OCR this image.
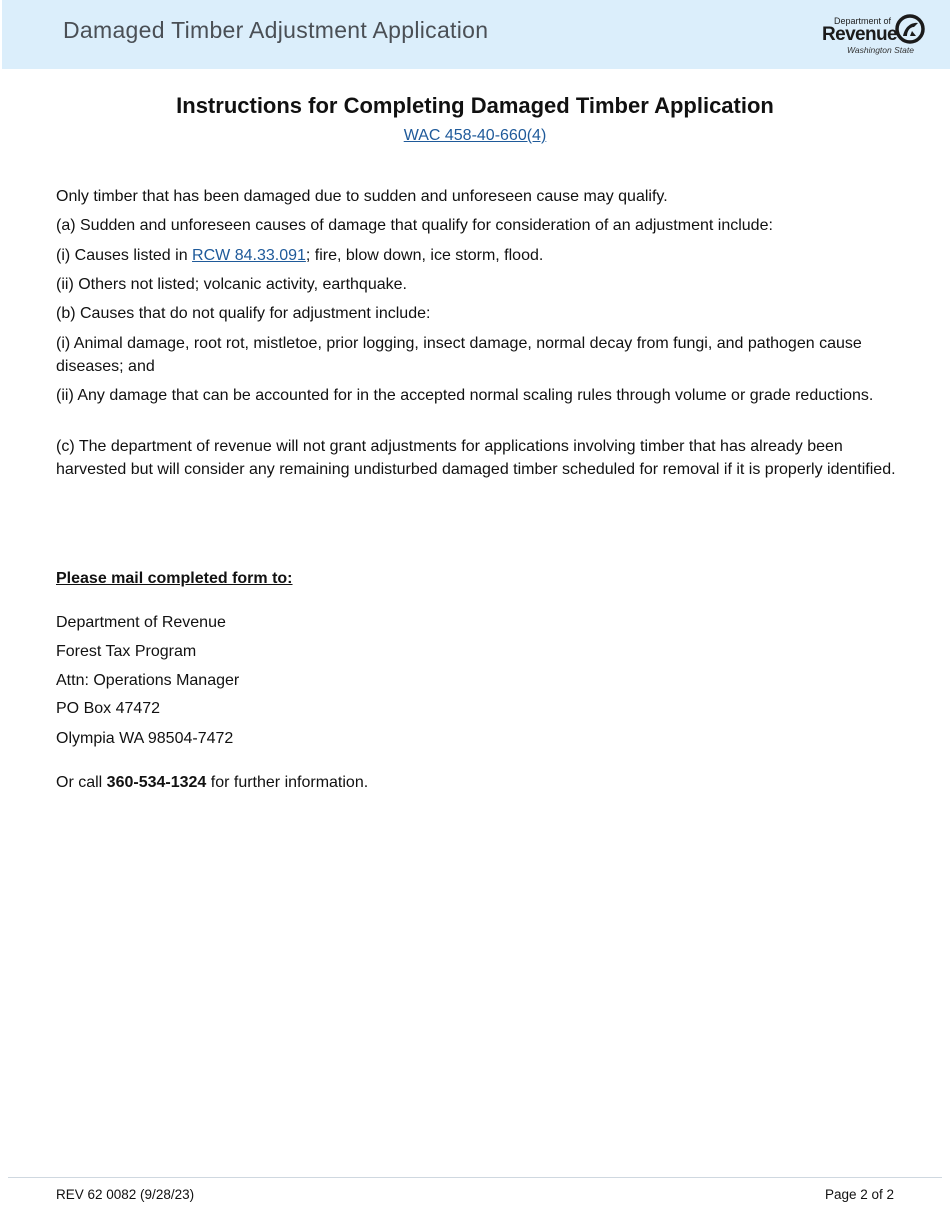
Damaged Timber Adjustment Application	Department of
Revenue
Washington State
Instructions for Completing Damaged Timber Application
WAC 458-40-660(4)

Only timber that has been damaged due to sudden and unforeseen cause may qualify.

(a) Sudden and unforeseen causes of damage that qualify for consideration of an adjustment include:

(i) Causes listed in RCW 84.33.091; fire, blow down, ice storm, flood.

(ii) Others not listed; volcanic activity, earthquake.

(b) Causes that do not qualify for adjustment include:

(i) Animal damage, root rot, mistletoe, prior logging, insect damage, normal decay from fungi, and pathogen cause diseases; and

(ii) Any damage that can be accounted for in the accepted normal scaling rules through volume or grade reductions.

(c) The department of revenue will not grant adjustments for applications involving timber that has already been harvested but will consider any remaining undisturbed damaged timber scheduled for removal if it is properly identified.

Please mail completed form to:
Department of Revenue
Forest Tax Program
Attn: Operations Manager
PO Box 47472
Olympia WA 98504-7472
Or call 360-534-1324 for further information.
REV 62 0082 (9/28/23)	Page 2 of 2
